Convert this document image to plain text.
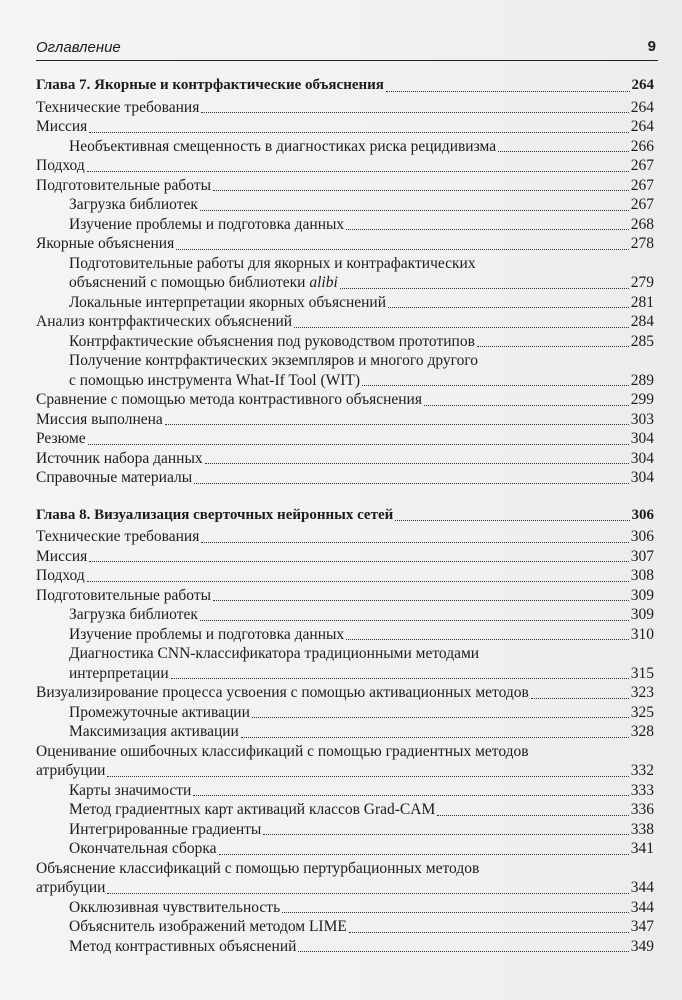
Оглавление	9
Глава 7. Якорные и контрфактические объяснения	264
Технические требования	264
Миссия	264
Необъективная смещенность в диагностиках риска рецидивизма	266
Подход	267
Подготовительные работы	267
Загрузка библиотек	267
Изучение проблемы и подготовка данных	268
Якорные объяснения	278
Подготовительные работы для якорных и контрафактических
объяснений с помощью библиотеки alibi	279
Локальные интерпретации якорных объяснений	281
Анализ контрфактических объяснений	284
Контрфактические объяснения под руководством прототипов	285
Получение контрфактических экземпляров и многого другого
с помощью инструмента What-If Tool (WIT)	289
Сравнение с помощью метода контрастивного объяснения	299
Миссия выполнена	303
Резюме	304
Источник набора данных	304
Справочные материалы	304
Глава 8. Визуализация сверточных нейронных сетей	306
Технические требования	306
Миссия	307
Подход	308
Подготовительные работы	309
Загрузка библиотек	309
Изучение проблемы и подготовка данных	310
Диагностика CNN-классификатора традиционными методами
интерпретации	315
Визуализирование процесса усвоения с помощью активационных методов	323
Промежуточные активации	325
Максимизация активации	328
Оценивание ошибочных классификаций с помощью градиентных методов
атрибуции	332
Карты значимости	333
Метод градиентных карт активаций классов Grad-CAM	336
Интегрированные градиенты	338
Окончательная сборка	341
Объяснение классификаций с помощью пертурбационных методов
атрибуции	344
Окклюзивная чувствительность	344
Объяснитель изображений методом LIME	347
Метод контрастивных объяснений	349
